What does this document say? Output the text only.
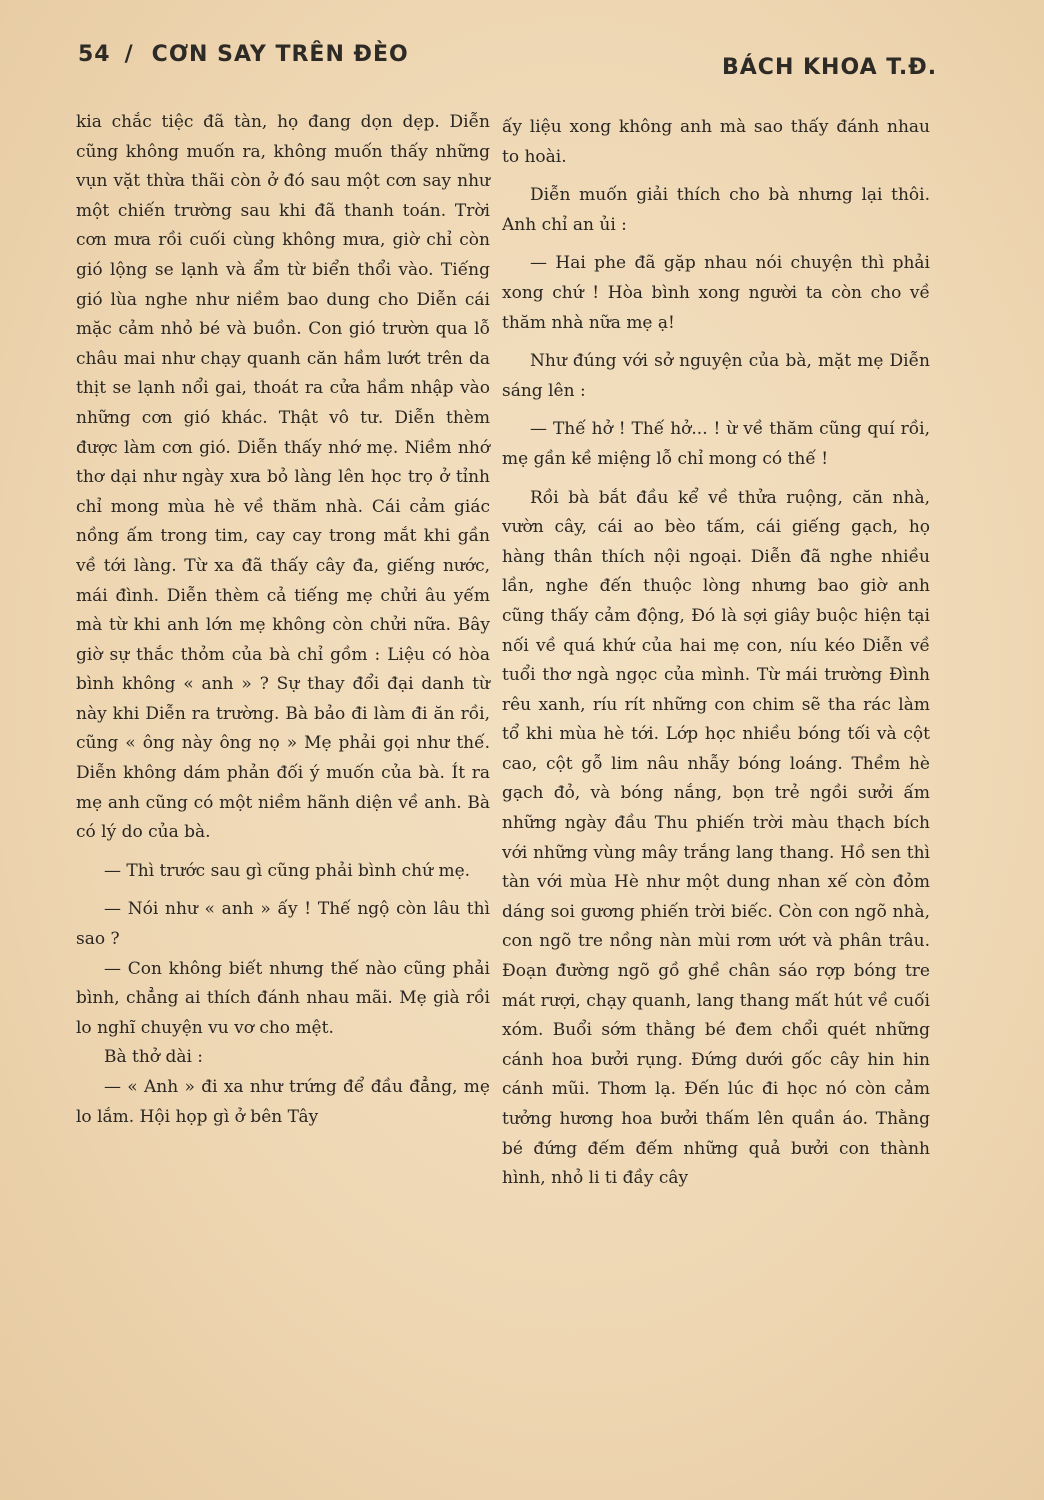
54 / CƠN SAY TRÊN ĐÈO
BÁCH KHOA T.Đ.

kia chắc tiệc đã tàn, họ đang dọn dẹp. Diễn cũng không muốn ra, không muốn thấy những vụn vặt thừa thãi còn ở đó sau một cơn say như một chiến trường sau khi đã thanh toán. Trời cơn mưa rồi cuối cùng không mưa, giờ chỉ còn gió lộng se lạnh và ẩm từ biển thổi vào. Tiếng gió lùa nghe như niềm bao dung cho Diễn cái mặc cảm nhỏ bé và buồn. Con gió trườn qua lỗ châu mai như chạy quanh căn hầm lướt trên da thịt se lạnh nổi gai, thoát ra cửa hầm nhập vào những cơn gió khác. Thật vô tư. Diễn thèm được làm cơn gió. Diễn thấy nhớ mẹ. Niềm nhớ thơ dại như ngày xưa bỏ làng lên học trọ ở tỉnh chỉ mong mùa hè về thăm nhà. Cái cảm giác nồng ấm trong tim, cay cay trong mắt khi gần về tới làng. Từ xa đã thấy cây đa, giếng nước, mái đình. Diễn thèm cả tiếng mẹ chửi âu yếm mà từ khi anh lớn mẹ không còn chửi nữa. Bây giờ sự thắc thỏm của bà chỉ gồm : Liệu có hòa bình không « anh » ? Sự thay đổi đại danh từ này khi Diễn ra trường. Bà bảo đi làm đi ăn rồi, cũng « ông này ông nọ » Mẹ phải gọi như thế. Diễn không dám phản đối ý muốn của bà. Ít ra mẹ anh cũng có một niềm hãnh diện về anh. Bà có lý do của bà.

— Thì trước sau gì cũng phải bình chứ mẹ.

— Nói như « anh » ấy ! Thế ngộ còn lâu thì sao ?

— Con không biết nhưng thế nào cũng phải bình, chẳng ai thích đánh nhau mãi. Mẹ già rồi lo nghĩ chuyện vu vơ cho mệt.

Bà thở dài :

— « Anh » đi xa như trứng để đầu đẳng, mẹ lo lắm. Hội họp gì ở bên Tây

ấy liệu xong không anh mà sao thấy đánh nhau to hoài.

Diễn muốn giải thích cho bà nhưng lại thôi. Anh chỉ an ủi :

— Hai phe đã gặp nhau nói chuyện thì phải xong chứ ! Hòa bình xong người ta còn cho về thăm nhà nữa mẹ ạ!

Như đúng với sở nguyện của bà, mặt mẹ Diễn sáng lên :

— Thế hở ! Thế hở... ! ừ về thăm cũng quí rồi, mẹ gần kề miệng lỗ chỉ mong có thế !

Rồi bà bắt đầu kể về thửa ruộng, căn nhà, vườn cây, cái ao bèo tấm, cái giếng gạch, họ hàng thân thích nội ngoại. Diễn đã nghe nhiều lần, nghe đến thuộc lòng nhưng bao giờ anh cũng thấy cảm động, Đó là sợi giây buộc hiện tại nối về quá khứ của hai mẹ con, níu kéo Diễn về tuổi thơ ngà ngọc của mình. Từ mái trường Đình rêu xanh, ríu rít những con chim sẽ tha rác làm tổ khi mùa hè tới. Lớp học nhiều bóng tối và cột cao, cột gỗ lim nâu nhẫy bóng loáng. Thềm hè gạch đỏ, và bóng nắng, bọn trẻ ngồi sưởi ấm những ngày đầu Thu phiến trời màu thạch bích với những vùng mây trắng lang thang. Hồ sen thì tàn với mùa Hè như một dung nhan xế còn đỏm dáng soi gương phiến trời biếc. Còn con ngõ nhà, con ngõ tre nồng nàn mùi rơm ướt và phân trâu. Đoạn đường ngõ gồ ghề chân sáo rợp bóng tre mát rượi, chạy quanh, lang thang mất hút về cuối xóm. Buổi sớm thằng bé đem chổi quét những cánh hoa bưởi rụng. Đứng dưới gốc cây hin hin cánh mũi. Thơm lạ. Đến lúc đi học nó còn cảm tưởng hương hoa bưởi thấm lên quần áo. Thằng bé đứng đếm đếm những quả bưởi con thành hình, nhỏ li ti đầy cây
